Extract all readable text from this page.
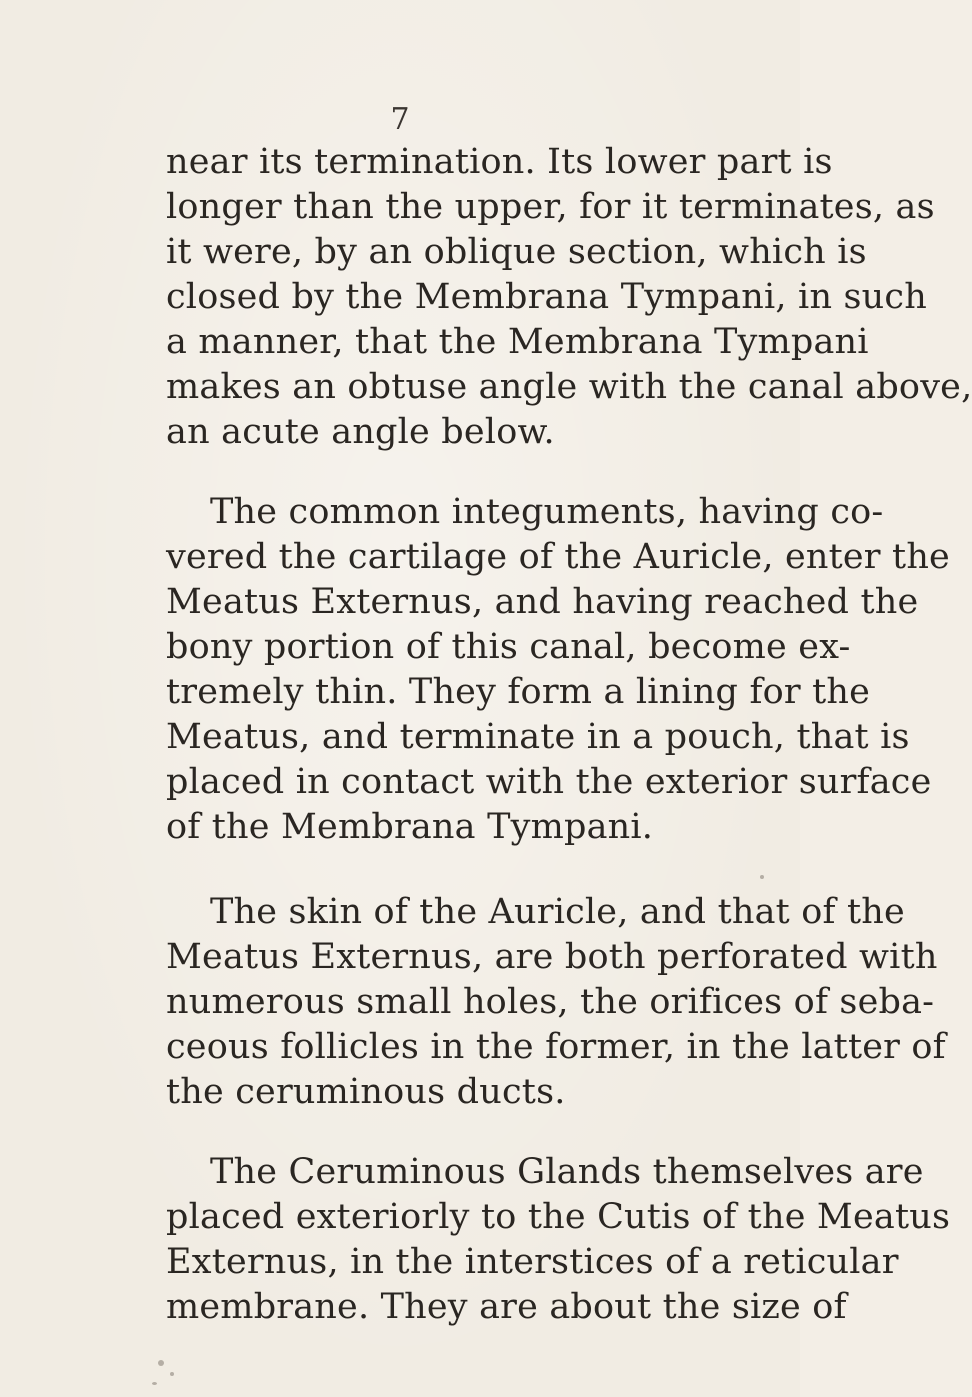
7
near its termination. Its lower part is
longer than the upper, for it terminates, as
it were, by an oblique section, which is
closed by the Membrana Tympani, in such
a manner, that the Membrana Tympani
makes an obtuse angle with the canal above,
an acute angle below.
The common integuments, having co-
vered the cartilage of the Auricle, enter the
Meatus Externus, and having reached the
bony portion of this canal, become ex-
tremely thin. They form a lining for the
Meatus, and terminate in a pouch, that is
placed in contact with the exterior surface
of the Membrana Tympani.
The skin of the Auricle, and that of the
Meatus Externus, are both perforated with
numerous small holes, the orifices of seba-
ceous follicles in the former, in the latter of
the ceruminous ducts.
The Ceruminous Glands themselves are
placed exteriorly to the Cutis of the Meatus
Externus, in the interstices of a reticular
membrane. They are about the size of
